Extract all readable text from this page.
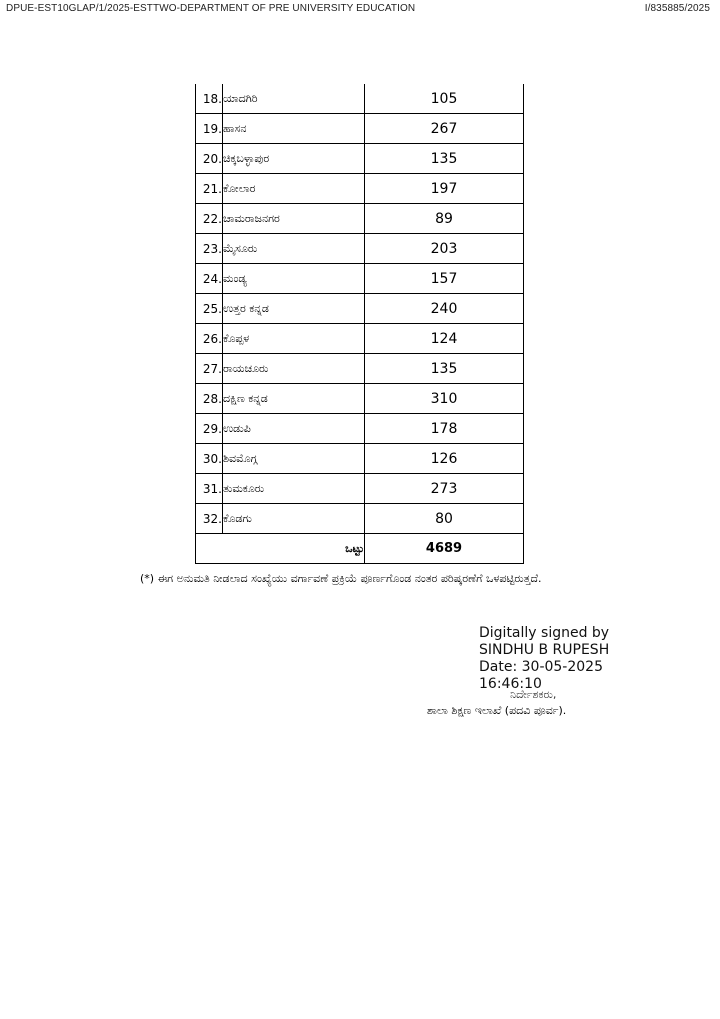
DPUE-EST10GLAP/1/2025-ESTTWO-DEPARTMENT OF PRE UNIVERSITY EDUCATION	I/835885/2025
18.	ಯಾದಗಿರಿ	105
19.	ಹಾಸನ	267
20.	ಚಿಕ್ಕಬಳ್ಳಾಪುರ	135
21.	ಕೋಲಾರ	197
22.	ಚಾಮರಾಜನಗರ	89
23.	ಮೈಸೂರು	203
24.	ಮಂಡ್ಯ	157
25.	ಉತ್ತರ ಕನ್ನಡ	240
26.	ಕೊಪ್ಪಳ	124
27.	ರಾಯಚೂರು	135
28.	ದಕ್ಷಿಣ ಕನ್ನಡ	310
29.	ಉಡುಪಿ	178
30.	ಶಿವಮೊಗ್ಗ	126
31.	ತುಮಕೂರು	273
32.	ಕೊಡಗು	80
ಒಟ್ಟು		4689
(*) ಈಗ ಅನುಮತಿ ನೀಡಲಾದ ಸಂಖ್ಯೆಯು ವರ್ಗಾವಣೆ ಪ್ರಕ್ರಿಯೆ ಪೂರ್ಣಗೊಂಡ ನಂತರ ಪರಿಷ್ಕರಣೆಗೆ ಒಳಪಟ್ಟಿರುತ್ತದೆ.
Digitally signed by
SINDHU B RUPESH
Date: 30-05-2025
16:46:10
ನಿರ್ದೇಶಕರು,
ಶಾಲಾ ಶಿಕ್ಷಣ ಇಲಾಖೆ (ಪದವಿ ಪೂರ್ವ).
